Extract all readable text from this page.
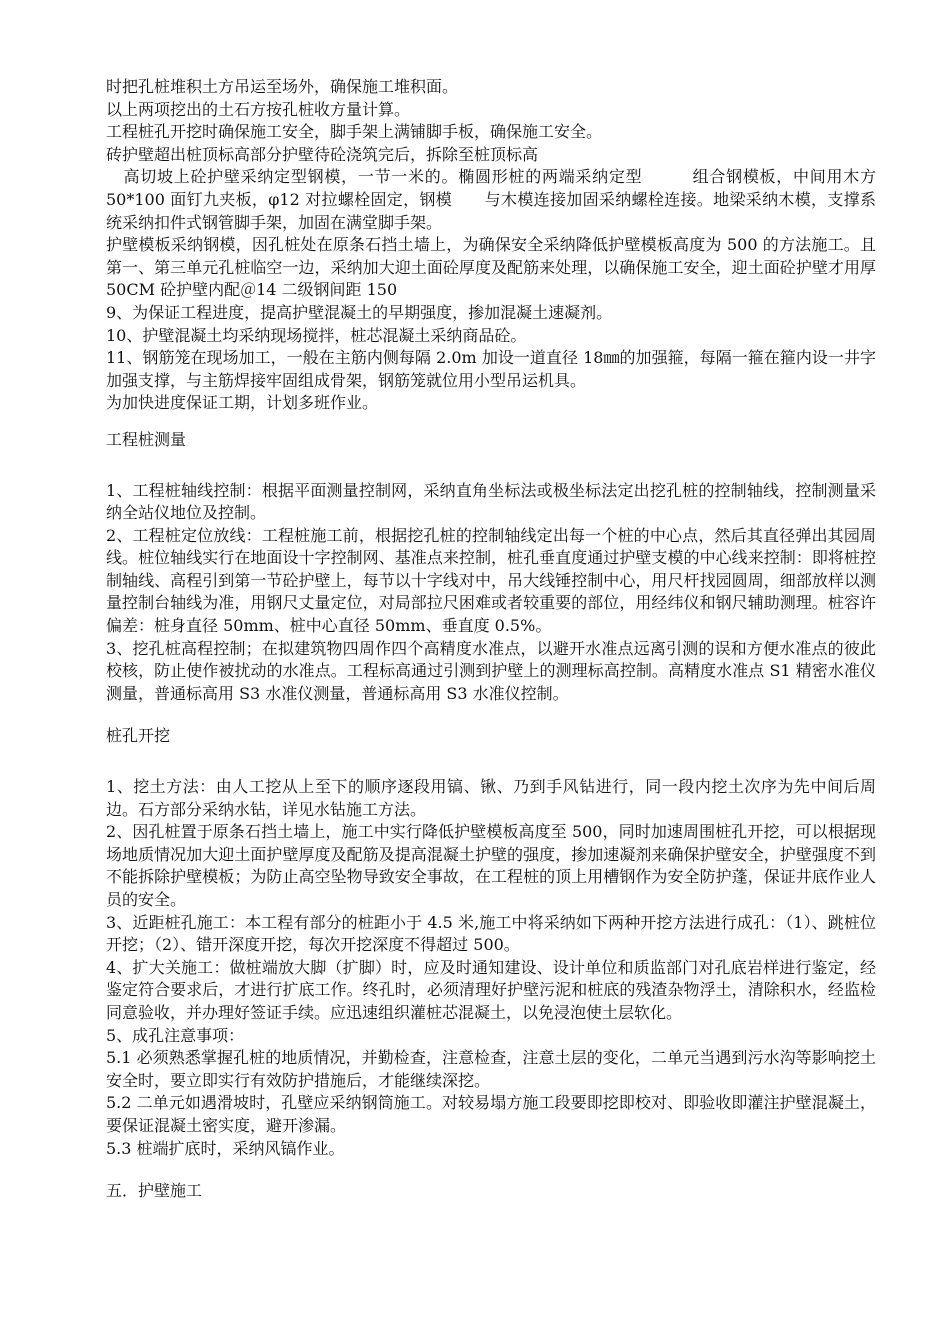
时把孔桩堆积土方吊运至场外，确保施工堆积面。

以上两项挖出的土石方按孔桩收方量计算。

工程桩孔开挖时确保施工安全，脚手架上满铺脚手板，确保施工安全。

砖护壁超出桩顶标高部分护壁待砼浇筑完后，拆除至桩顶标高

高切坡上砼护壁采纳定型钢模，一节一米的。椭圆形桩的两端采纳定型　　　组合钢模板，中间用木方 50*100 面钉九夹板，φ12 对拉螺栓固定，钢模　　与木模连接加固采纳螺栓连接。地梁采纳木模，支撑系统采纳扣件式钢管脚手架，加固在满堂脚手架。

护壁模板采纳钢模，因孔桩处在原条石挡土墙上，为确保安全采纳降低护壁模板高度为 500 的方法施工。且第一、第三单元孔桩临空一边，采纳加大迎土面砼厚度及配筋来处理，以确保施工安全，迎土面砼护壁才用厚 50CM 砼护壁内配＠14 二级钢间距 150

9、为保证工程进度，提高护壁混凝土的早期强度，掺加混凝土速凝剂。

10、护壁混凝土均采纳现场搅拌，桩芯混凝土采纳商品砼。

11、钢筋笼在现场加工，一般在主筋内侧每隔 2.0m 加设一道直径 18㎜的加强箍，每隔一箍在箍内设一井字加强支撑，与主筋焊接牢固组成骨架，钢筋笼就位用小型吊运机具。

为加快进度保证工期，计划多班作业。

工程桩测量

1、工程桩轴线控制：根据平面测量控制网，采纳直角坐标法或极坐标法定出挖孔桩的控制轴线，控制测量采纳全站仪地位及控制。

2、工程桩定位放线：工程桩施工前，根据挖孔桩的控制轴线定出每一个桩的中心点，然后其直径弹出其园周线。桩位轴线实行在地面设十字控制网、基准点来控制，桩孔垂直度通过护壁支模的中心线来控制：即将桩控制轴线、高程引到第一节砼护壁上，每节以十字线对中，吊大线锤控制中心，用尺杆找园圆周，细部放样以测量控制台轴线为准，用钢尺丈量定位，对局部拉尺困难或者较重要的部位，用经纬仪和钢尺辅助测理。桩容许偏差：桩身直径 50mm、桩中心直径 50mm、垂直度 0.5%。

3、挖孔桩高程控制；在拟建筑物四周作四个高精度水准点，以避开水准点远离引测的误和方便水准点的彼此校核，防止使作被扰动的水准点。工程标高通过引测到护壁上的测理标高控制。高精度水准点 S1 精密水准仪测量，普通标高用 S3 水准仪测量，普通标高用 S3 水准仪控制。

桩孔开挖

1、挖土方法：由人工挖从上至下的顺序逐段用镐、锹、乃到手风钻进行，同一段内挖土次序为先中间后周边。石方部分采纳水钻，详见水钻施工方法。

2、因孔桩置于原条石挡土墙上，施工中实行降低护壁模板高度至 500，同时加速周围桩孔开挖，可以根据现场地质情况加大迎土面护壁厚度及配筋及提高混凝土护壁的强度，掺加速凝剂来确保护壁安全，护壁强度不到不能拆除护壁模板；为防止高空坠物导致安全事故，在工程桩的顶上用槽钢作为安全防护蓬，保证井底作业人员的安全。

3、近距桩孔施工：本工程有部分的桩距小于 4.5 米,施工中将采纳如下两种开挖方法进行成孔：（1）、跳桩位开挖；（2）、错开深度开挖，每次开挖深度不得超过 500。

4、扩大关施工：做桩端放大脚（扩脚）时，应及时通知建设、设计单位和质监部门对孔底岩样进行鉴定，经鉴定符合要求后，才进行扩底工作。终孔时，必须清理好护壁污泥和桩底的残渣杂物浮土，清除积水，经监检同意验收，并办理好签证手续。应迅速组织灌桩芯混凝土，以免浸泡使土层软化。

5、成孔注意事项：

5.1 必须熟悉掌握孔桩的地质情况，并勤检查，注意检查，注意土层的变化，二单元当遇到污水沟等影响挖土安全时，要立即实行有效防护措施后，才能继续深挖。

5.2 二单元如遇滑坡时，孔壁应采纳钢筒施工。对较易塌方施工段要即挖即校对、即验收即灌注护壁混凝土，要保证混凝土密实度，避开渗漏。

5.3 桩端扩底时，采纳风镐作业。

五．护壁施工
